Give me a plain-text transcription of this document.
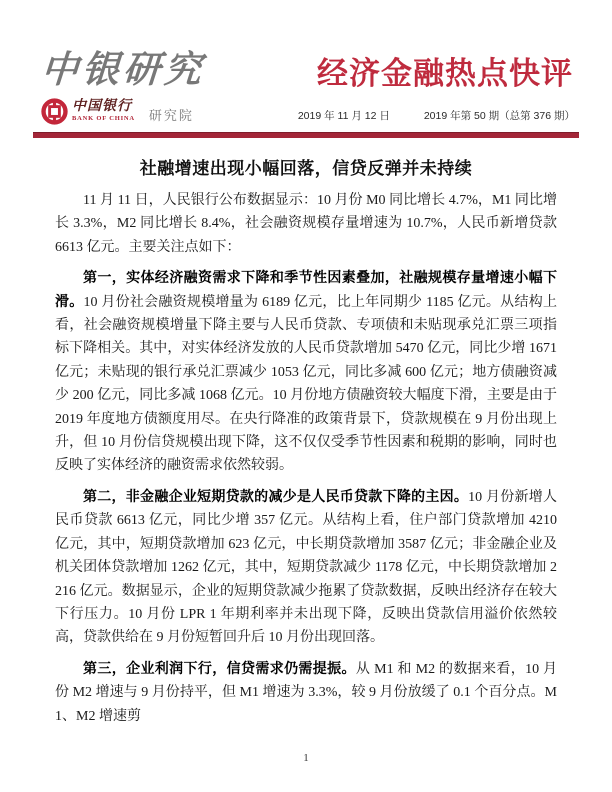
中银研究	经济金融热点快评
中国银行
BANK OF CHINA 研究院	2019 年 11 月 12 日	2019 年第 50 期（总第 376 期）
社融增速出现小幅回落，信贷反弹并未持续

11 月 11 日，人民银行公布数据显示：10 月份 M0 同比增长 4.7%，M1 同比增长 3.3%，M2 同比增长 8.4%，社会融资规模存量增速为 10.7%，人民币新增贷款 6613 亿元。主要关注点如下：

第一，实体经济融资需求下降和季节性因素叠加，社融规模存量增速小幅下滑。10 月份社会融资规模增量为 6189 亿元，比上年同期少 1185 亿元。从结构上看，社会融资规模增量下降主要与人民币贷款、专项债和未贴现承兑汇票三项指标下降相关。其中，对实体经济发放的人民币贷款增加 5470 亿元，同比少增 1671 亿元；未贴现的银行承兑汇票减少 1053 亿元，同比多减 600 亿元；地方债融资减少 200 亿元，同比多减 1068 亿元。10 月份地方债融资较大幅度下滑，主要是由于 2019 年度地方债额度用尽。在央行降准的政策背景下，贷款规模在 9 月份出现上升，但 10 月份信贷规模出现下降，这不仅仅受季节性因素和税期的影响，同时也反映了实体经济的融资需求依然较弱。

第二，非金融企业短期贷款的减少是人民币贷款下降的主因。10 月份新增人民币贷款 6613 亿元，同比少增 357 亿元。从结构上看，住户部门贷款增加 4210 亿元，其中，短期贷款增加 623 亿元，中长期贷款增加 3587 亿元；非金融企业及机关团体贷款增加 1262 亿元，其中，短期贷款减少 1178 亿元，中长期贷款增加 2216 亿元。数据显示，企业的短期贷款减少拖累了贷款数据，反映出经济存在较大下行压力。10 月份 LPR 1 年期利率并未出现下降，反映出贷款信用溢价依然较高，贷款供给在 9 月份短暂回升后 10 月份出现回落。

第三，企业利润下行，信贷需求仍需提振。从 M1 和 M2 的数据来看，10 月份 M2 增速与 9 月份持平，但 M1 增速为 3.3%，较 9 月份放缓了 0.1 个百分点。M1、M2 增速剪

1
